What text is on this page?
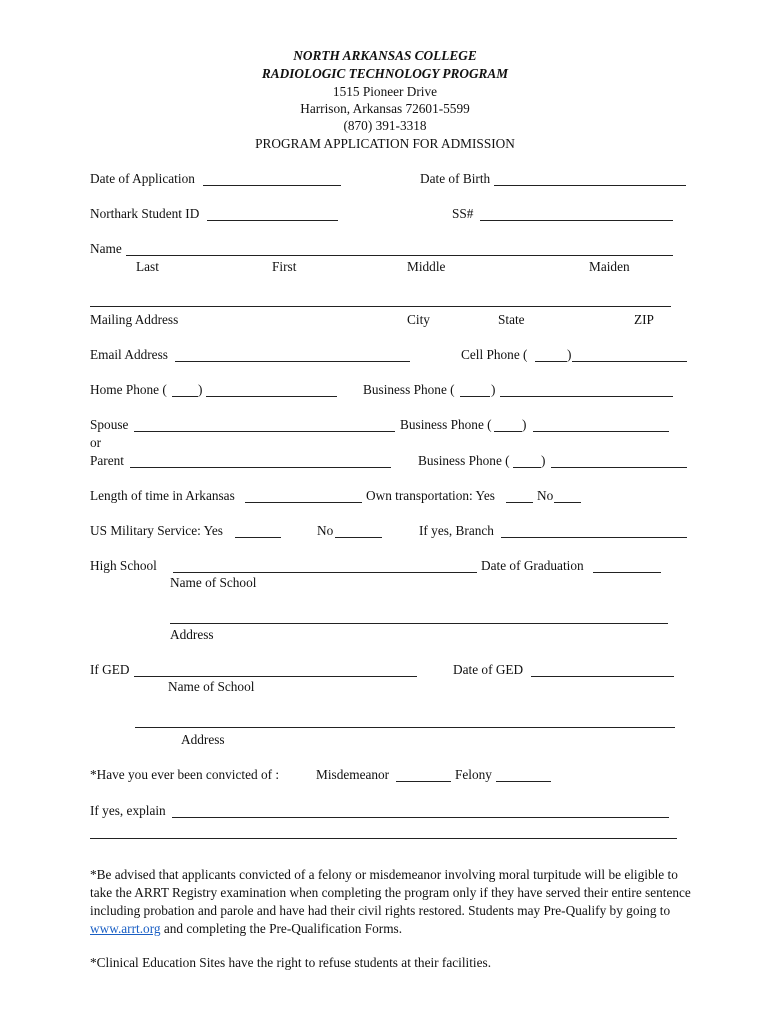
NORTH ARKANSAS COLLEGE
RADIOLOGIC TECHNOLOGY PROGRAM
1515 Pioneer Drive
Harrison, Arkansas 72601-5599
(870) 391-3318
PROGRAM APPLICATION FOR ADMISSION
Date of Application	Date of Birth
Northark Student ID	SS#
Name
Last	First	Middle	Maiden
Mailing Address	City	State	ZIP
Email Address	Cell Phone (	)
Home Phone ( )	Business Phone (	)
Spouse	Business Phone ( )
or
Parent	Business Phone ( )
Length of time in Arkansas	Own transportation: Yes	No
US Military Service: Yes	No	If yes, Branch
High School	Date of Graduation
Name of School
Address
If GED	Date of GED
Name of School
Address
*Have you ever been convicted of :	Misdemeanor	Felony
If yes, explain
*Be advised that applicants convicted of a felony or misdemeanor involving moral turpitude will be eligible to take the ARRT Registry examination when completing the program only if they have served their entire sentence including probation and parole and have had their civil rights restored. Students may Pre-Qualify by going to www.arrt.org and completing the Pre-Qualification Forms.
*Clinical Education Sites have the right to refuse students at their facilities.
